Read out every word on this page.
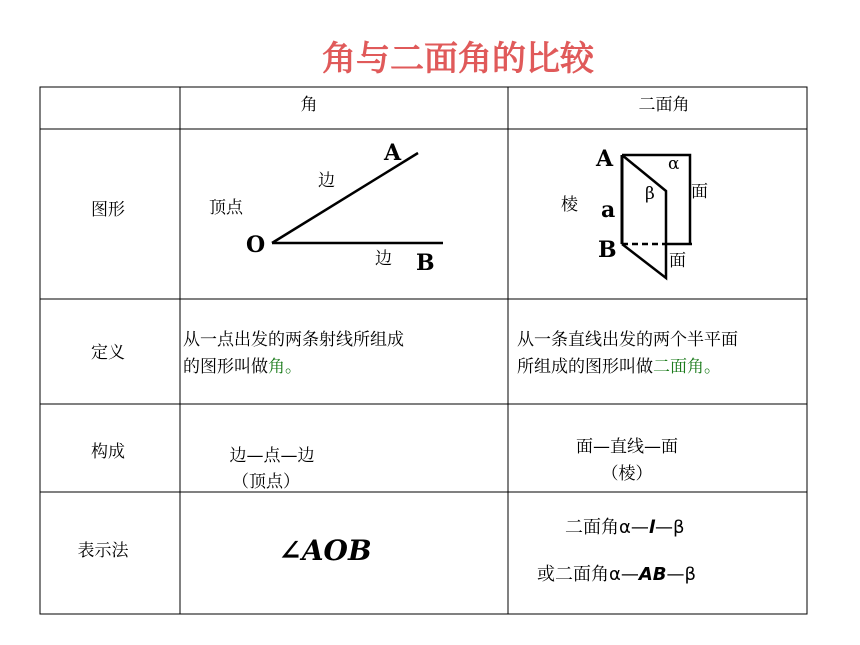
角与二面角的比较
角	二面角
图形
定义
构成
表示法
O
A
B
边
边
顶点
A
B
a
棱
α
β 面
面
从一点出发的两条射线所组成
的图形叫做角。
从一条直线出发的两个半平面
所组成的图形叫做二面角。
边—点—边
（顶点）
面—直线—面
（棱）
∠AOB
二面角α—l—β
或二面角α—AB—β
